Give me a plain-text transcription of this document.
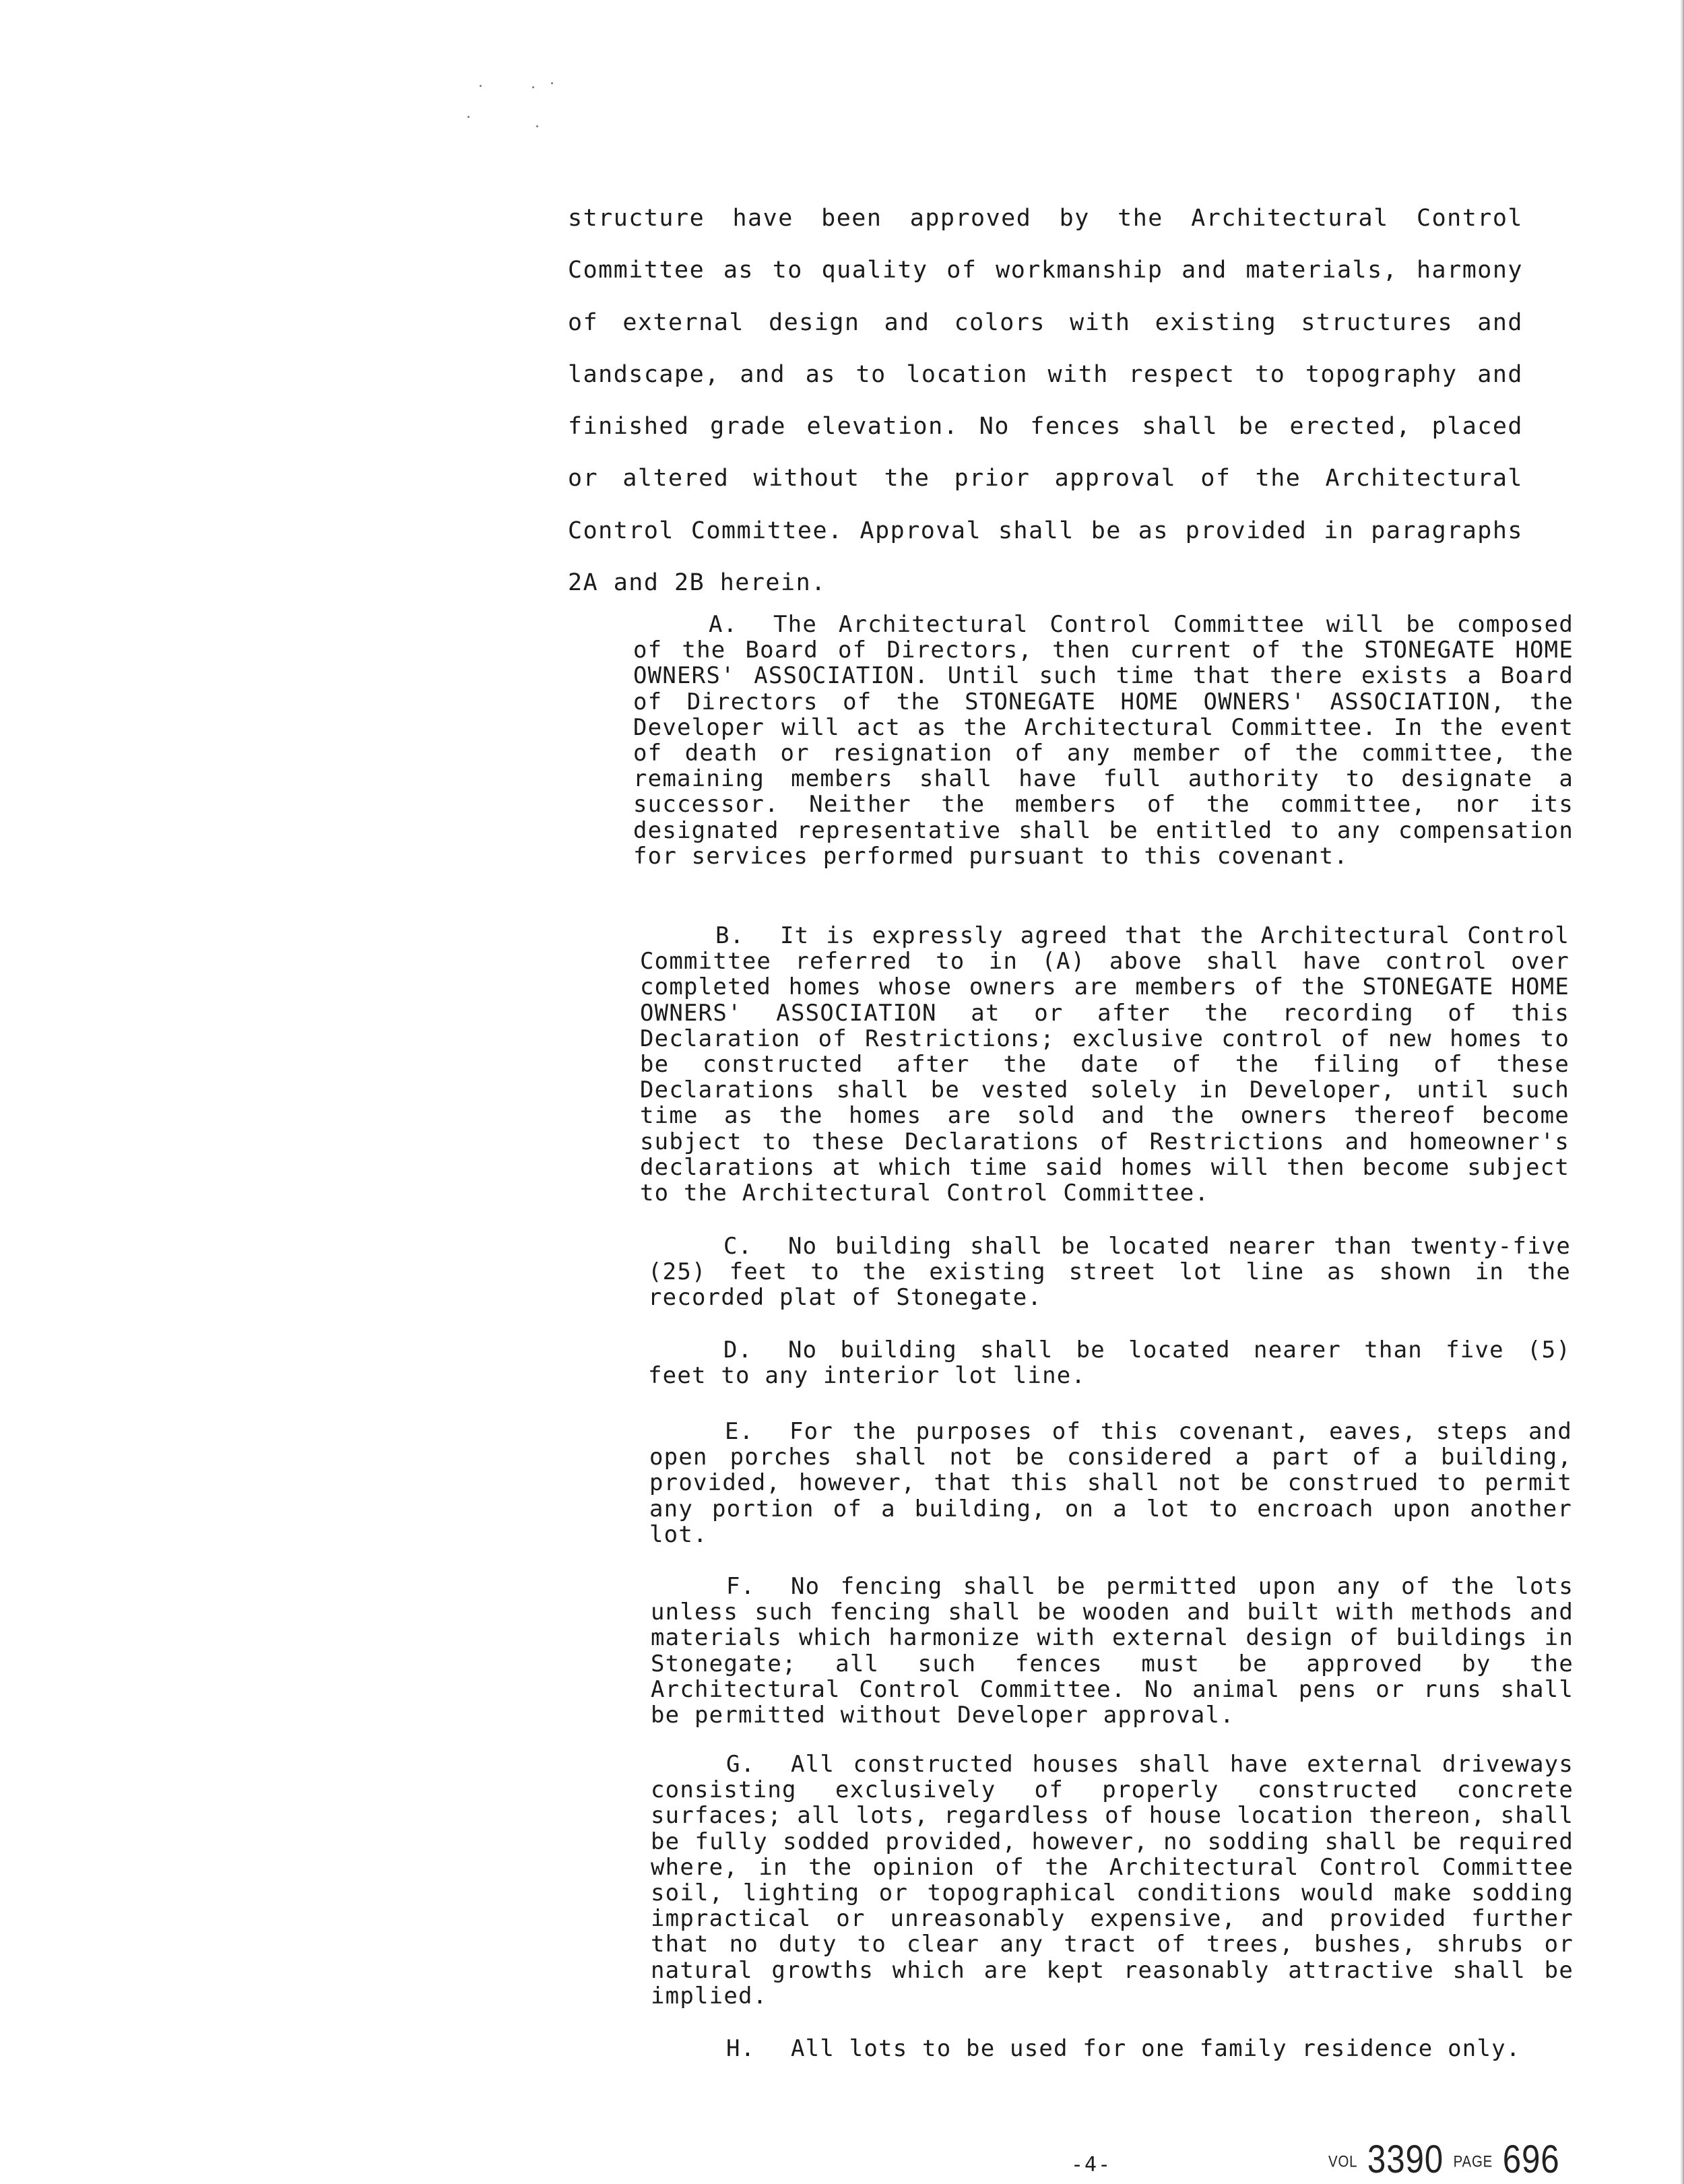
structure have been approved by the Architectural Control Committee as to quality of workmanship and materials, harmony of external design and colors with existing structures and landscape, and as to location with respect to topography and finished grade elevation. No fences shall be erected, placed or altered without the prior approval of the Architectural Control Committee. Approval shall be as provided in paragraphs 2A and 2B herein.

A. The Architectural Control Committee will be composed of the Board of Directors, then current of the STONEGATE HOME OWNERS' ASSOCIATION. Until such time that there exists a Board of Directors of the STONEGATE HOME OWNERS' ASSOCIATION, the Developer will act as the Architectural Committee. In the event of death or resignation of any member of the committee, the remaining members shall have full authority to designate a successor. Neither the members of the committee, nor its designated representative shall be entitled to any compensation for services performed pursuant to this covenant.

B. It is expressly agreed that the Architectural Control Committee referred to in (A) above shall have control over completed homes whose owners are members of the STONEGATE HOME OWNERS' ASSOCIATION at or after the recording of this Declaration of Restrictions; exclusive control of new homes to be constructed after the date of the filing of these Declarations shall be vested solely in Developer, until such time as the homes are sold and the owners thereof become subject to these Declarations of Restrictions and homeowner's declarations at which time said homes will then become subject to the Architectural Control Committee.

C. No building shall be located nearer than twenty-five (25) feet to the existing street lot line as shown in the recorded plat of Stonegate.

D. No building shall be located nearer than five (5) feet to any interior lot line.

E. For the purposes of this covenant, eaves, steps and open porches shall not be considered a part of a building, provided, however, that this shall not be construed to permit any portion of a building, on a lot to encroach upon another lot.

F. No fencing shall be permitted upon any of the lots unless such fencing shall be wooden and built with methods and materials which harmonize with external design of buildings in Stonegate; all such fences must be approved by the Architectural Control Committee. No animal pens or runs shall be permitted without Developer approval.

G. All constructed houses shall have external driveways consisting exclusively of properly constructed concrete surfaces; all lots, regardless of house location thereon, shall be fully sodded provided, however, no sodding shall be required where, in the opinion of the Architectural Control Committee soil, lighting or topographical conditions would make sodding impractical or unreasonably expensive, and provided further that no duty to clear any tract of trees, bushes, shrubs or natural growths which are kept reasonably attractive shall be implied.

H. All lots to be used for one family residence only.

-4-	VOL 3390 PAGE 696
